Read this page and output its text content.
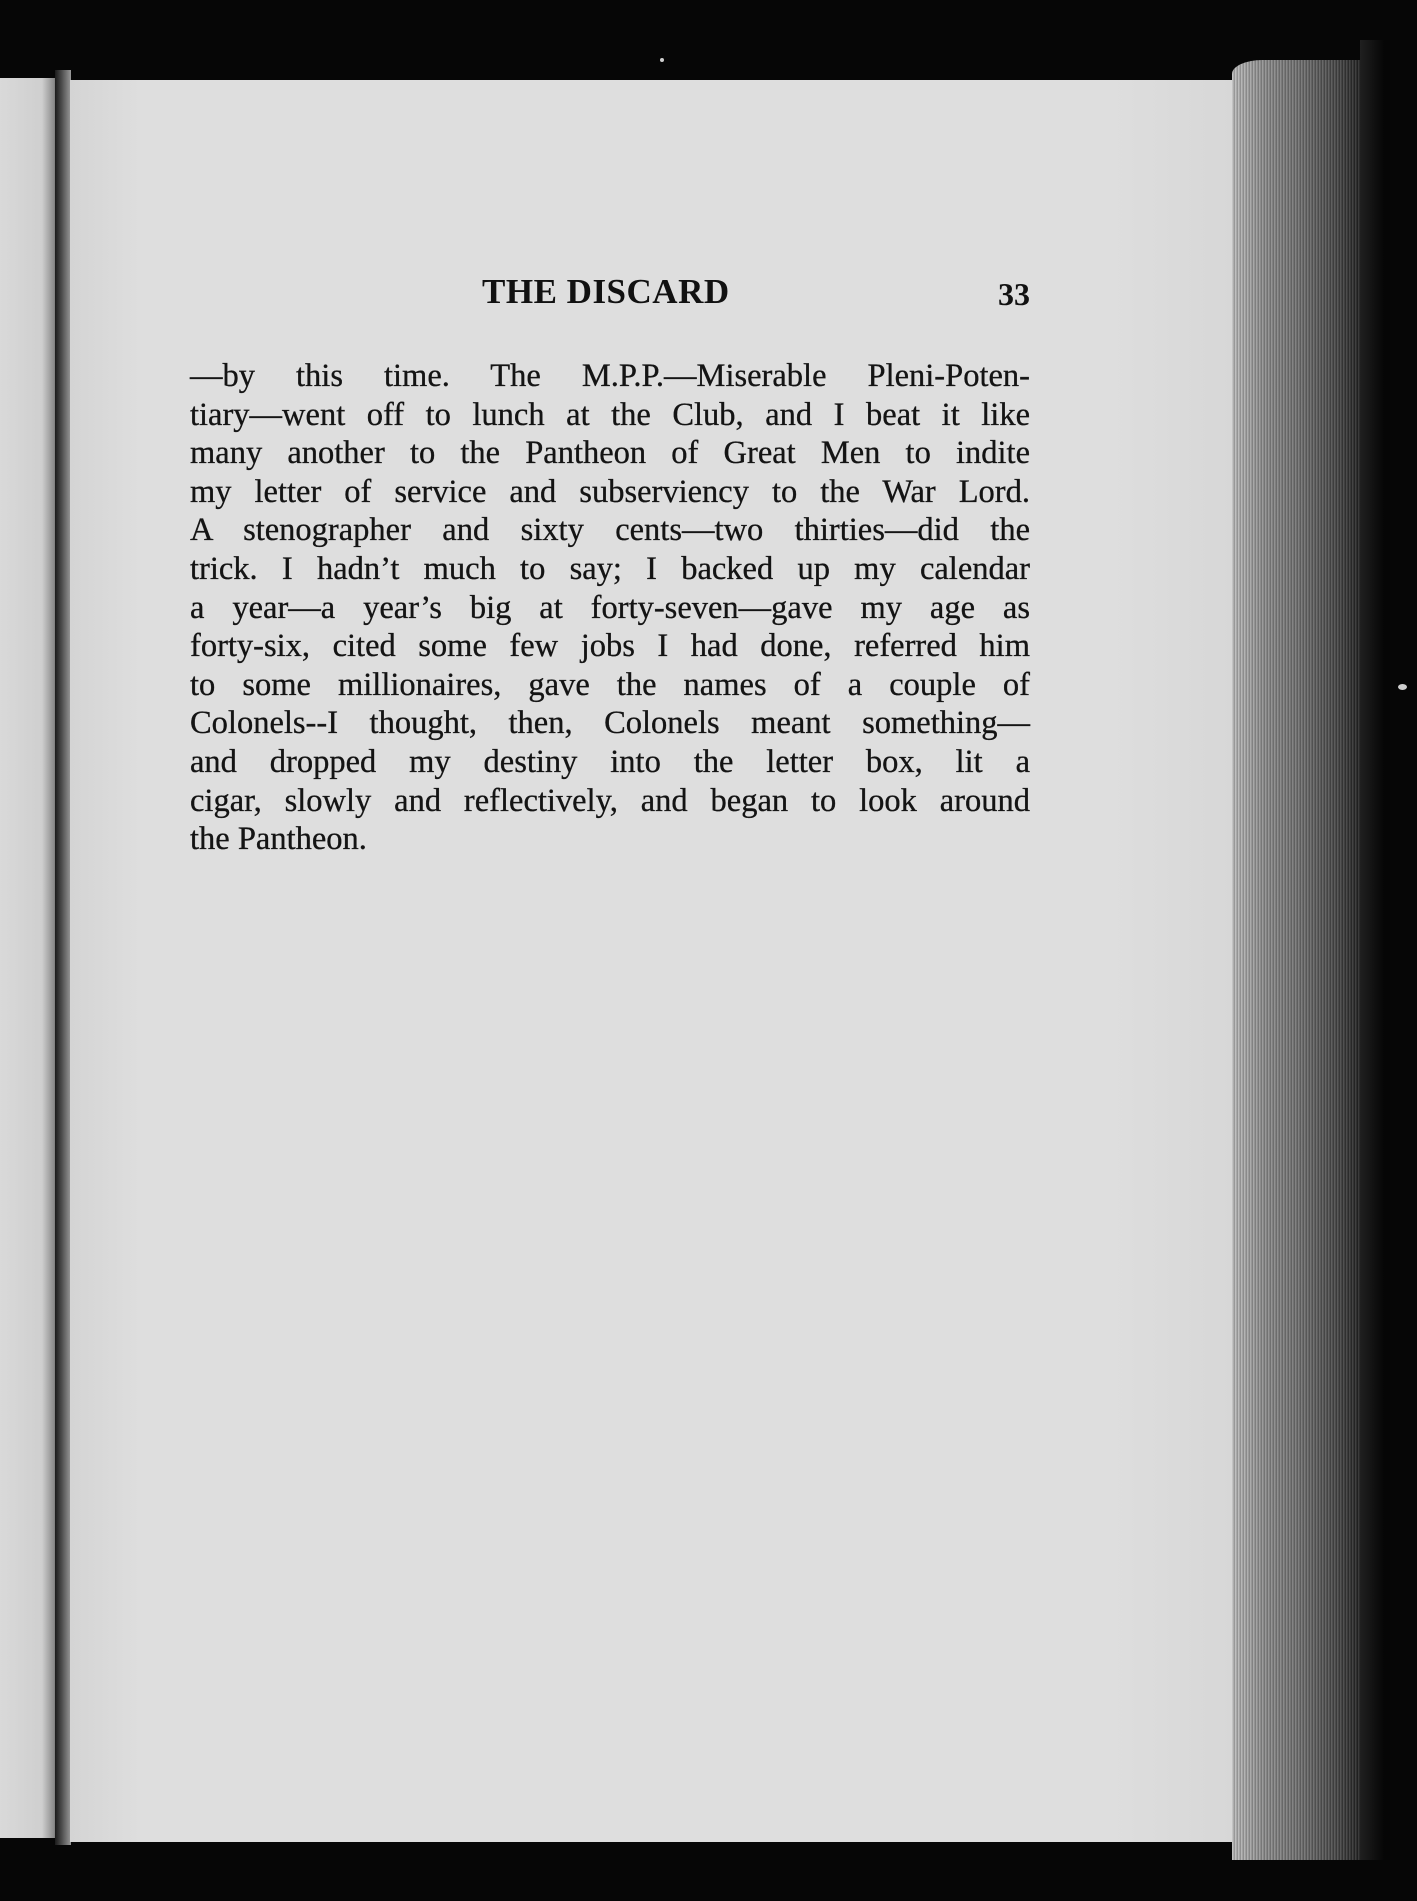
THE DISCARD	33
—by this time. The M.P.P.—Miserable Pleni-Poten-
tiary—went off to lunch at the Club, and I beat it like
many another to the Pantheon of Great Men to indite
my letter of service and subserviency to the War Lord.
A stenographer and sixty cents—two thirties—did the
trick. I hadn’t much to say; I backed up my calendar
a year—a year’s big at forty-seven—gave my age as
forty-six, cited some few jobs I had done, referred him
to some millionaires, gave the names of a couple of
Colonels--I thought, then, Colonels meant something—
and dropped my destiny into the letter box, lit a
cigar, slowly and reflectively, and began to look around
the Pantheon.
